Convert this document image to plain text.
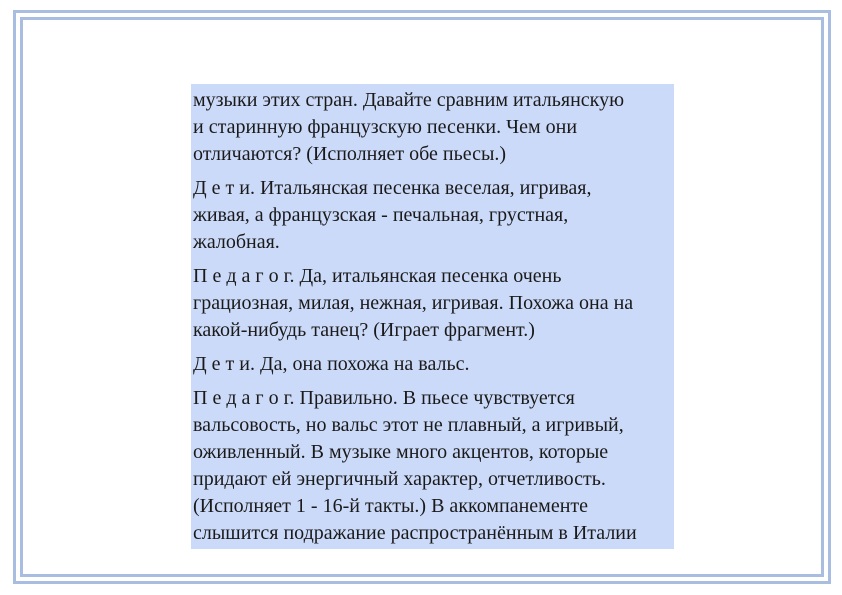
музыки этих стран. Давайте сравним итальянскую
и старинную французскую песенки. Чем они
отличаются? (Исполняет обе пьесы.)

Д е т и. Итальянская песенка веселая, игривая,
живая, а французская - печальная, грустная,
жалобная.

П е д а г о г. Да, итальянская песенка очень
грациозная, милая, нежная, игривая. Похожа она на
какой-нибудь танец? (Играет фрагмент.)

Д е т и. Да, она похожа на вальс.

П е д а г о г. Правильно. В пьесе чувствуется
вальсовость, но вальс этот не плавный, а игривый,
оживленный. В музыке много акцентов, которые
придают ей энергичный характер, отчетливость.
(Исполняет 1 - 16-й такты.) В аккомпанементе
слышится подражание распространённым в Италии
